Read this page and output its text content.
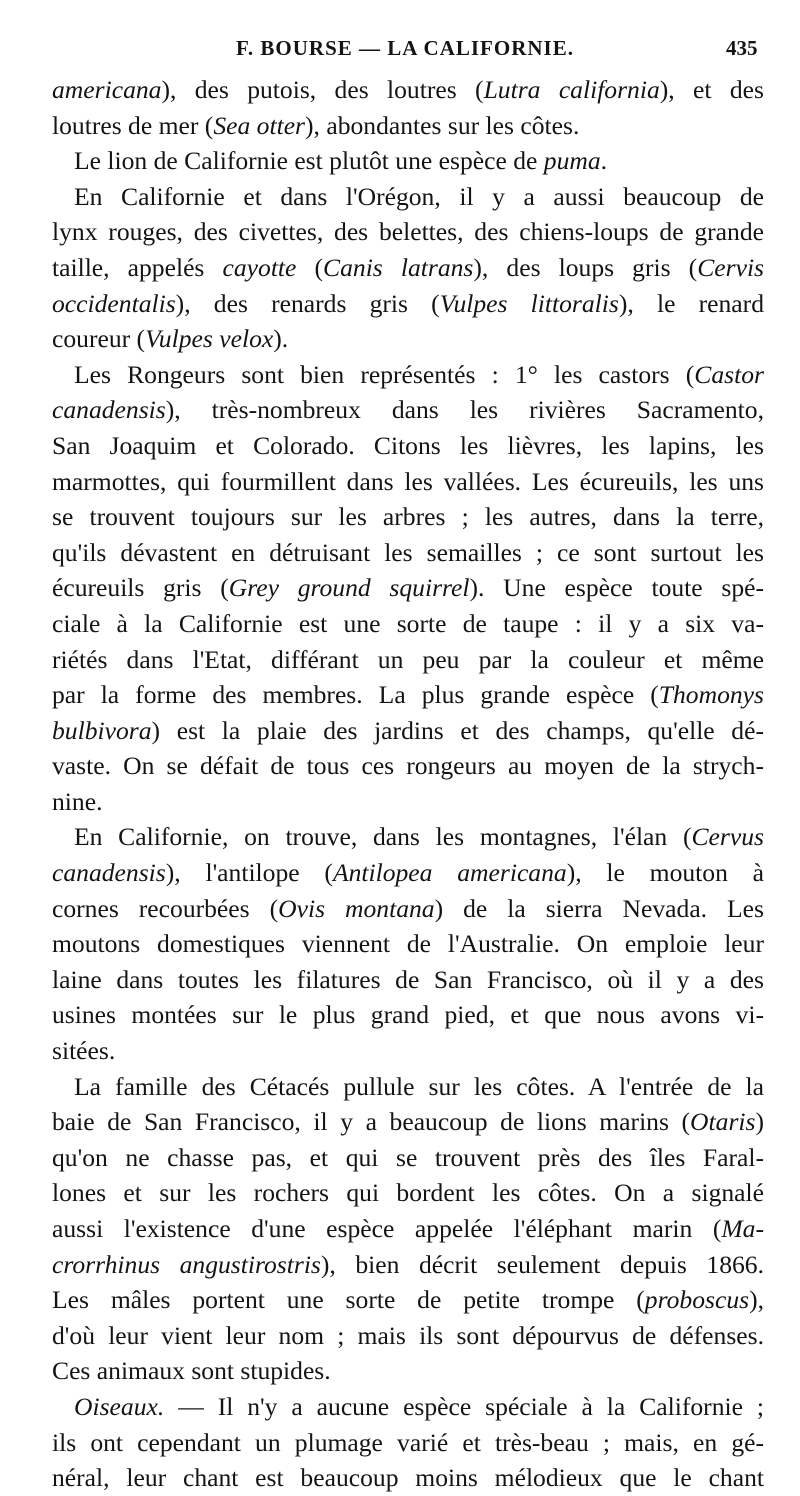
F. BOURSE — LA CALIFORNIE.	435
americana), des putois, des loutres (Lutra california), et des
loutres de mer (Sea otter), abondantes sur les côtes.
Le lion de Californie est plutôt une espèce de puma.
En Californie et dans l'Orégon, il y a aussi beaucoup de
lynx rouges, des civettes, des belettes, des chiens-loups de grande
taille, appelés cayotte (Canis latrans), des loups gris (Cervis
occidentalis), des renards gris (Vulpes littoralis), le renard
coureur (Vulpes velox).
Les Rongeurs sont bien représentés : 1° les castors (Castor
canadensis), très-nombreux dans les rivières Sacramento,
San Joaquim et Colorado. Citons les lièvres, les lapins, les
marmottes, qui fourmillent dans les vallées. Les écureuils, les uns
se trouvent toujours sur les arbres ; les autres, dans la terre,
qu'ils dévastent en détruisant les semailles ; ce sont surtout les
écureuils gris (Grey ground squirrel). Une espèce toute spé-
ciale à la Californie est une sorte de taupe : il y a six va-
riétés dans l'Etat, différant un peu par la couleur et même
par la forme des membres. La plus grande espèce (Thomonys
bulbivora) est la plaie des jardins et des champs, qu'elle dé-
vaste. On se défait de tous ces rongeurs au moyen de la strych-
nine.
En Californie, on trouve, dans les montagnes, l'élan (Cervus
canadensis), l'antilope (Antilopea americana), le mouton à
cornes recourbées (Ovis montana) de la sierra Nevada. Les
moutons domestiques viennent de l'Australie. On emploie leur
laine dans toutes les filatures de San Francisco, où il y a des
usines montées sur le plus grand pied, et que nous avons vi-
sitées.
La famille des Cétacés pullule sur les côtes. A l'entrée de la
baie de San Francisco, il y a beaucoup de lions marins (Otaris)
qu'on ne chasse pas, et qui se trouvent près des îles Faral-
lones et sur les rochers qui bordent les côtes. On a signalé
aussi l'existence d'une espèce appelée l'éléphant marin (Ma-
crorrhinus angustirostris), bien décrit seulement depuis 1866.
Les mâles portent une sorte de petite trompe (proboscus),
d'où leur vient leur nom ; mais ils sont dépourvus de défenses.
Ces animaux sont stupides.
Oiseaux. — Il n'y a aucune espèce spéciale à la Californie ;
ils ont cependant un plumage varié et très-beau ; mais, en gé-
néral, leur chant est beaucoup moins mélodieux que le chant
